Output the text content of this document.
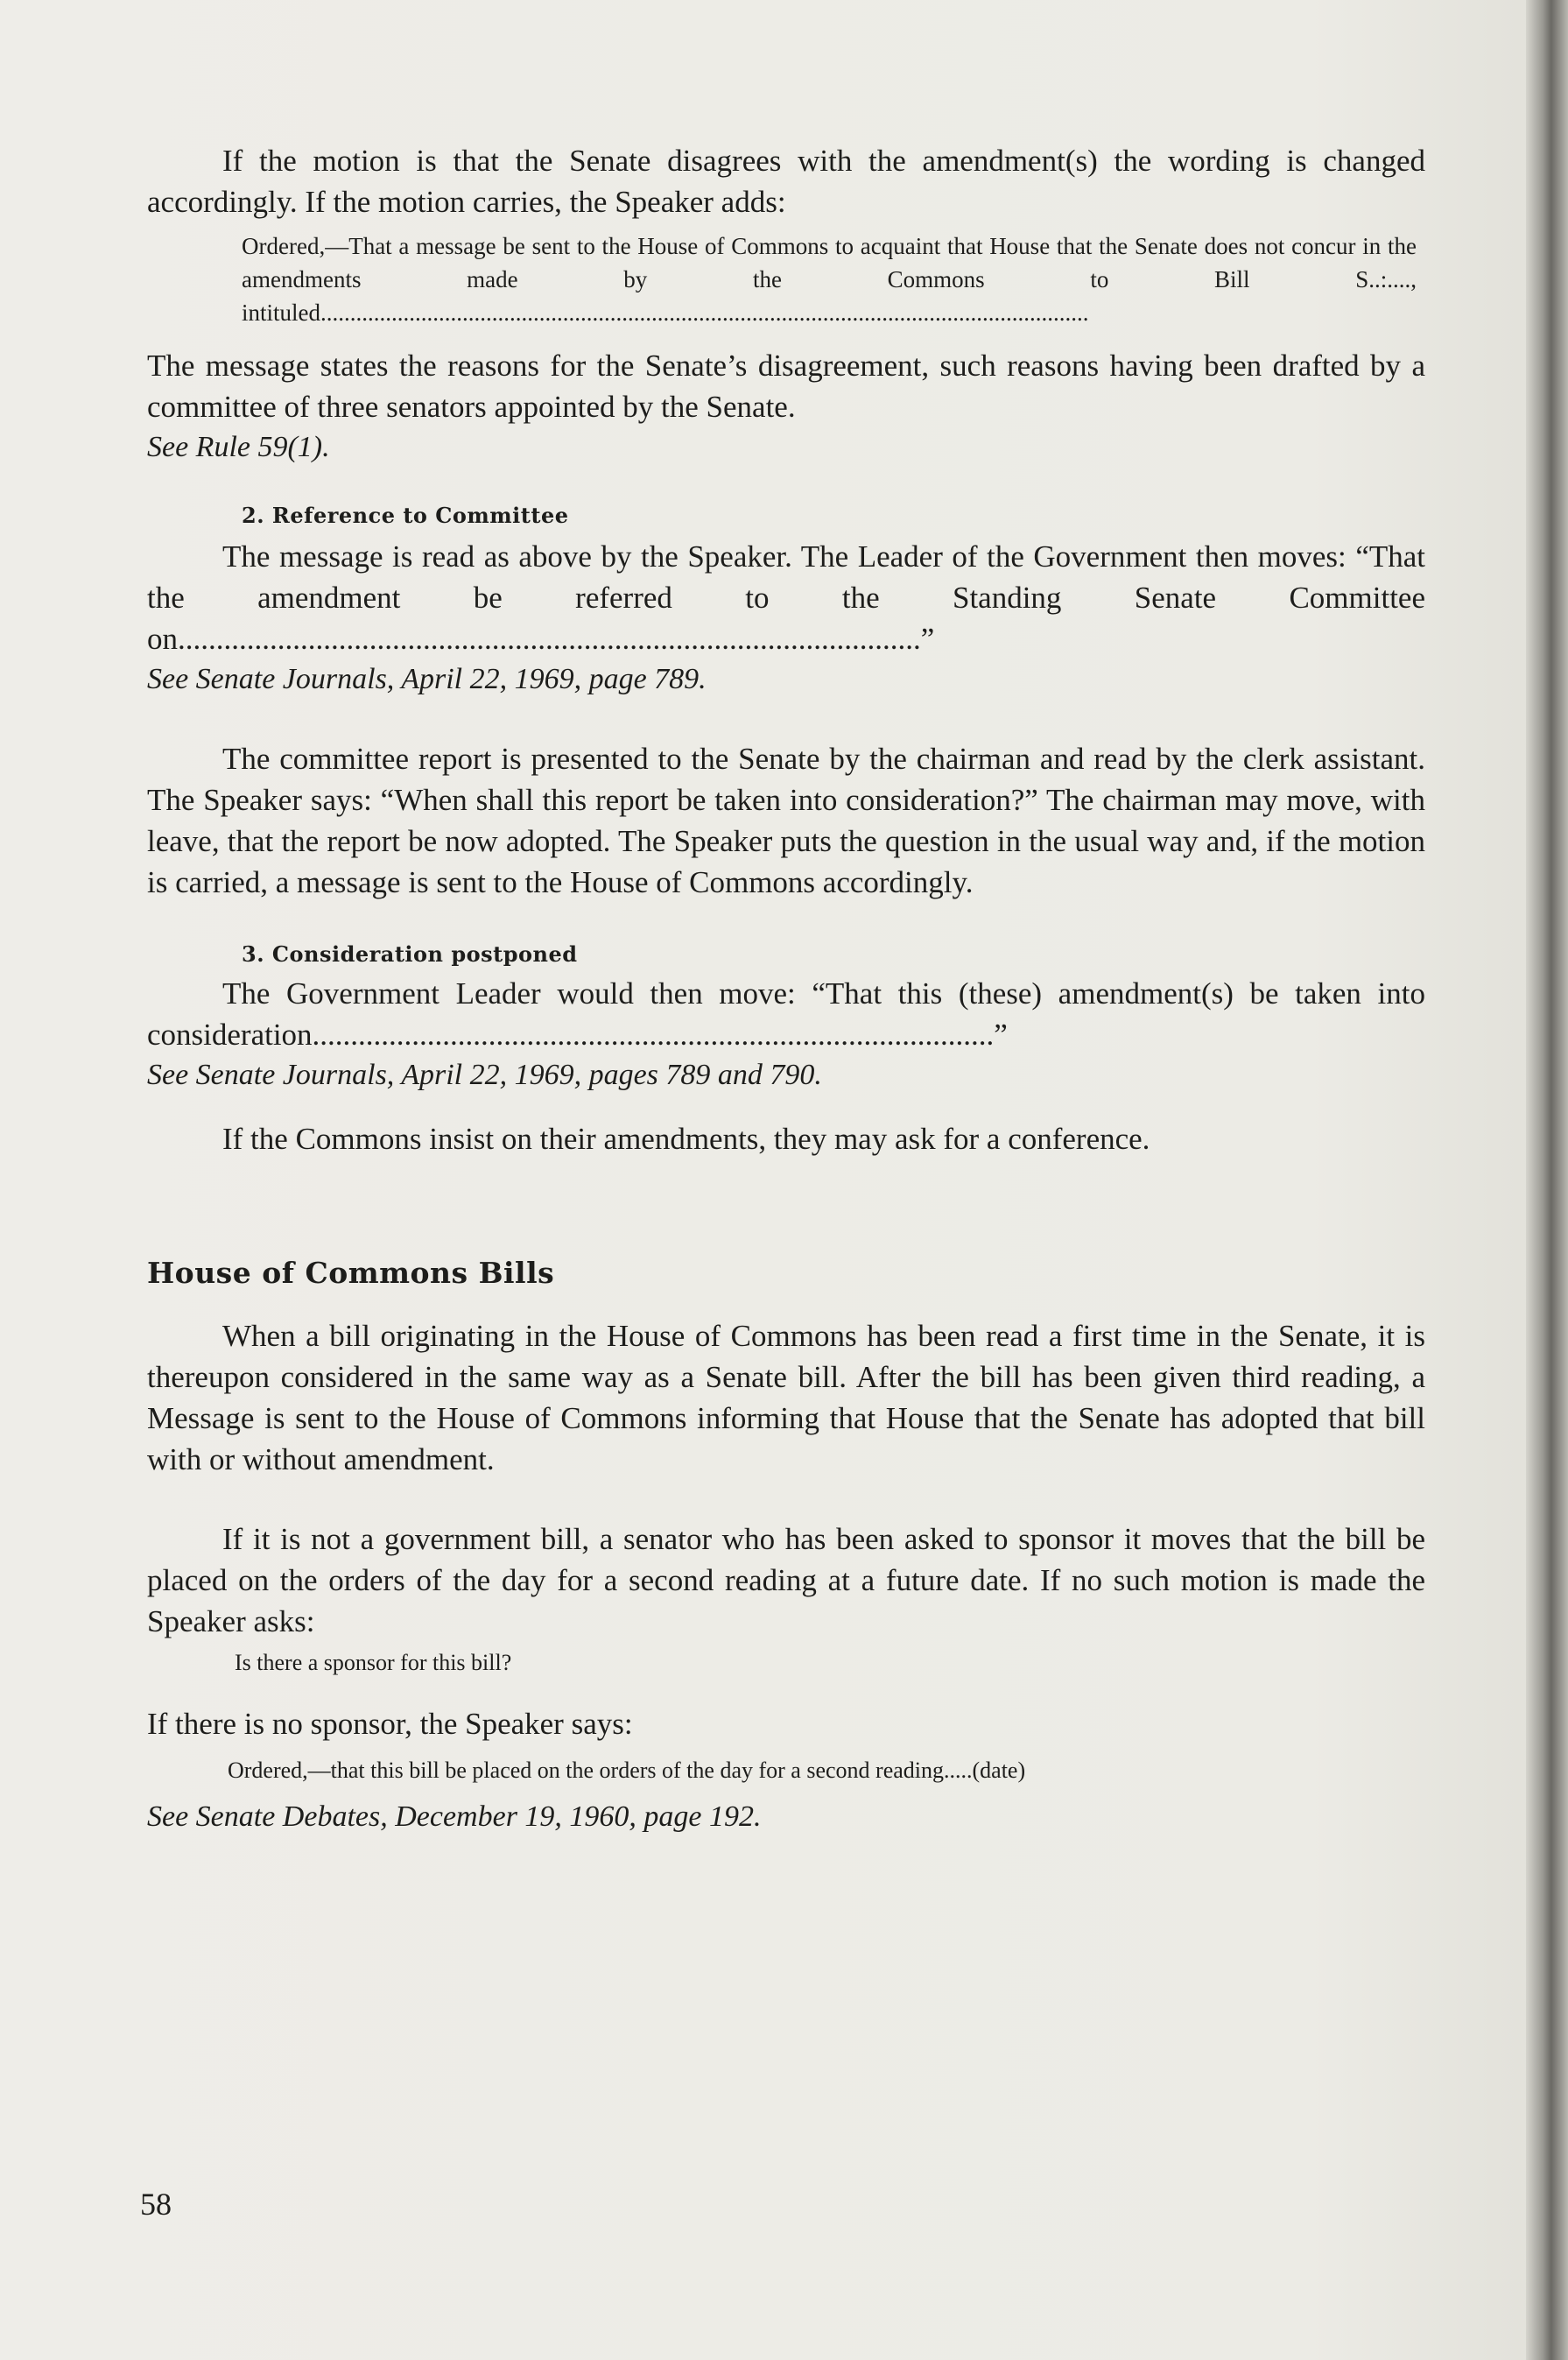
If the motion is that the Senate disagrees with the amendment(s) the wording is changed accordingly. If the motion carries, the Speaker adds:

Ordered,—That a message be sent to the House of Commons to acquaint that House that the Senate does not concur in the amendments made by the Commons to Bill S..:...., intituled..................................................................................................................................

The message states the reasons for the Senate’s disagreement, such reasons having been drafted by a committee of three senators appointed by the Senate.

See Rule 59(1).

2. Reference to Committee

The message is read as above by the Speaker. The Leader of the Government then moves: “That the amendment be referred to the Standing Senate Committee on.................................................................................................”

See Senate Journals, April 22, 1969, page 789.

The committee report is presented to the Senate by the chairman and read by the clerk assistant. The Speaker says: “When shall this report be taken into consideration?” The chairman may move, with leave, that the report be now adopted. The Speaker puts the question in the usual way and, if the motion is carried, a message is sent to the House of Commons accordingly.

3. Consideration postponed

The Government Leader would then move: “That this (these) amendment(s) be taken into consideration.........................................................................................”

See Senate Journals, April 22, 1969, pages 789 and 790.

If the Commons insist on their amendments, they may ask for a conference.

House of Commons Bills

When a bill originating in the House of Commons has been read a first time in the Senate, it is thereupon considered in the same way as a Senate bill. After the bill has been given third reading, a Message is sent to the House of Commons informing that House that the Senate has adopted that bill with or without amendment.

If it is not a government bill, a senator who has been asked to sponsor it moves that the bill be placed on the orders of the day for a second reading at a future date. If no such motion is made the Speaker asks:

Is there a sponsor for this bill?

If there is no sponsor, the Speaker says:

Ordered,—that this bill be placed on the orders of the day for a second reading.....(date)

See Senate Debates, December 19, 1960, page 192.

58
